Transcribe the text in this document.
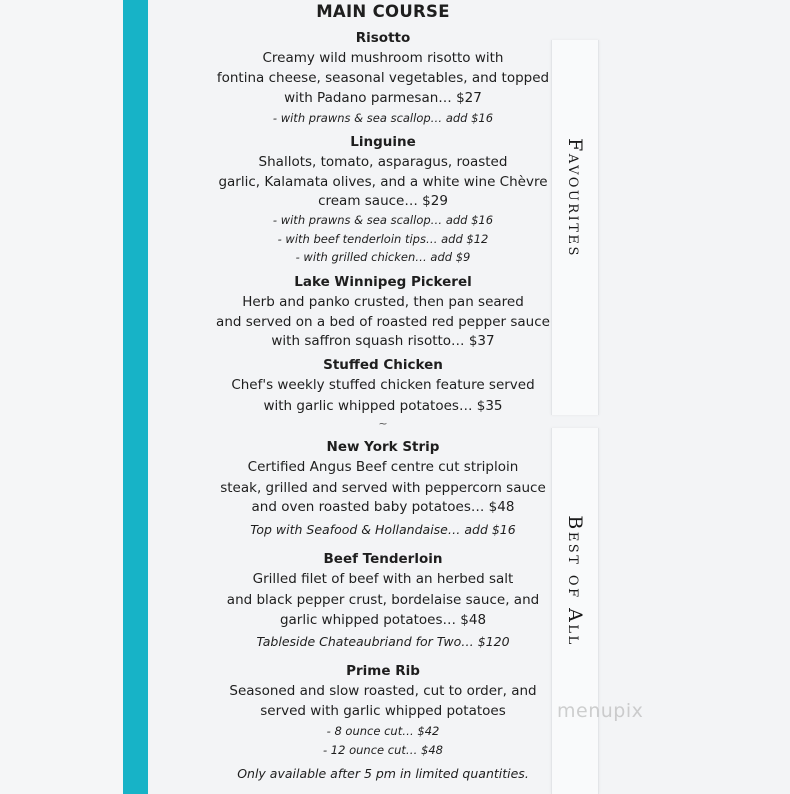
MAIN COURSE
Risotto
Creamy wild mushroom risotto with
fontina cheese, seasonal vegetables, and topped
with Padano parmesan… $27
- with prawns & sea scallop… add $16
Linguine
Shallots, tomato, asparagus, roasted
garlic, Kalamata olives, and a white wine Chèvre
cream sauce… $29
- with prawns & sea scallop… add $16
- with beef tenderloin tips… add $12
- with grilled chicken… add $9
Lake Winnipeg Pickerel
Herb and panko crusted, then pan seared
and served on a bed of roasted red pepper sauce
with saffron squash risotto… $37
Stuffed Chicken
Chef's weekly stuffed chicken feature served
with garlic whipped potatoes… $35
~
New York Strip
Certified Angus Beef centre cut striploin
steak, grilled and served with peppercorn sauce
and oven roasted baby potatoes… $48
Top with Seafood & Hollandaise… add $16
Beef Tenderloin
Grilled filet of beef with an herbed salt
and black pepper crust, bordelaise sauce, and
garlic whipped potatoes… $48
Tableside Chateaubriand for Two… $120
Prime Rib
Seasoned and slow roasted, cut to order, and
served with garlic whipped potatoes
- 8 ounce cut… $42
- 12 ounce cut… $48
Only available after 5 pm in limited quantities.
Favourites
Best of All
menupix
